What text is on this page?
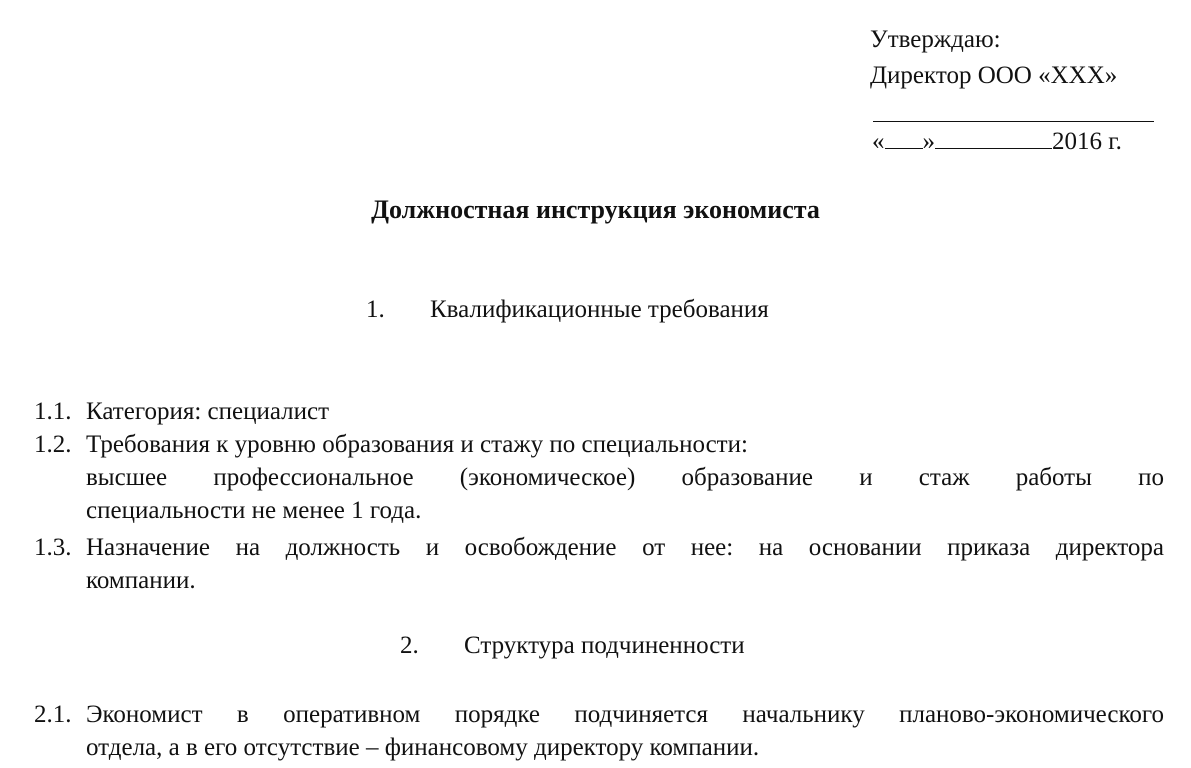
Утверждаю:
Директор ООО «XXX»
« »	2016 г.
Должностная инструкция экономиста
1. Квалификационные требования
1.1. Категория: специалист
1.2. Требования к уровню образования и стажу по специальности:
высшее профессиональное (экономическое) образование и стаж работы по
специальности не менее 1 года.
1.3. Назначение на должность и освобождение от нее: на основании приказа директора
компании.
2. Структура подчиненности
2.1. Экономист в оперативном порядке подчиняется начальнику планово-экономического
отдела, а в его отсутствие – финансовому директору компании.
